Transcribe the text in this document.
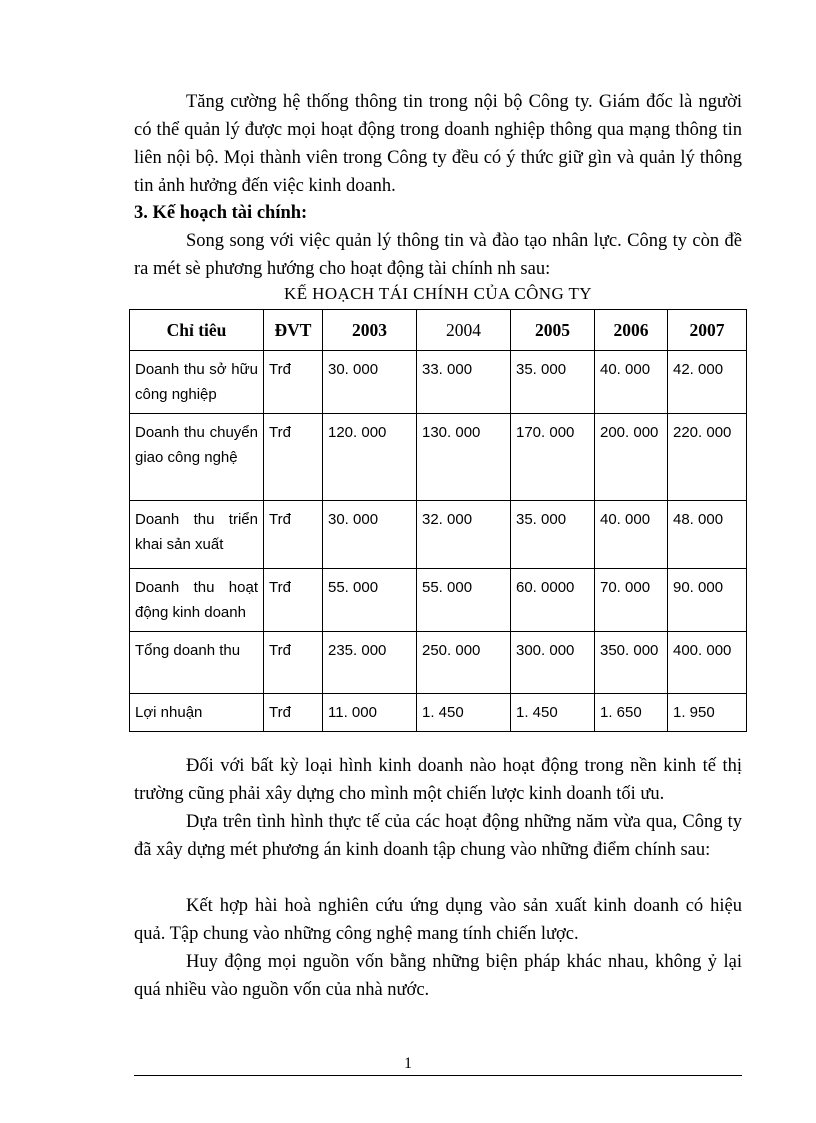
Tăng cường hệ thống thông tin trong nội bộ Công ty. Giám đốc là người có thể quản lý được mọi hoạt động trong doanh nghiệp thông qua mạng thông tin liên nội bộ. Mọi thành viên trong Công ty đều có ý thức giữ gìn và quản lý thông tin ảnh hưởng đến việc kinh doanh.

3. Kế hoạch tài chính:

Song song với việc quản lý thông tin và đào tạo nhân lực. Công ty còn đề ra mét sè phương hướng cho hoạt động tài chính nh sau:

KẾ HOẠCH TÁI CHÍNH CỦA CÔNG TY
Chỉ tiêu	ĐVT	2003	2004	2005	2006	2007
Doanh thu sở hữu công nghiệp	Trđ	30. 000	33. 000	35. 000	40. 000	42. 000
Doanh thu chuyển giao công nghệ	Trđ	120. 000	130. 000	170. 000	200. 000	220. 000
Doanh thu triển khai sản xuất	Trđ	30. 000	32. 000	35. 000	40. 000	48. 000
Doanh thu hoạt động kinh doanh	Trđ	55. 000	55. 000	60. 0000	70. 000	90. 000
Tổng doanh thu	Trđ	235. 000	250. 000	300. 000	350. 000	400. 000
Lợi nhuận	Trđ	11. 000	1. 450	1. 450	1. 650	1. 950

Đối với bất kỳ loại hình kinh doanh nào hoạt động trong nền kinh tế thị trường cũng phải xây dựng cho mình một chiến lược kinh doanh tối ưu.

Dựa trên tình hình thực tế của các hoạt động những năm vừa qua, Công ty đã xây dựng mét phương án kinh doanh tập chung vào những điểm chính sau:

Kết hợp hài hoà nghiên cứu ứng dụng vào sản xuất kinh doanh có hiệu quả. Tập chung vào những công nghệ mang tính chiến lược.

Huy động mọi nguồn vốn bằng những biện pháp khác nhau, không ỷ lại quá nhiều vào nguồn vốn của nhà nước.

1
